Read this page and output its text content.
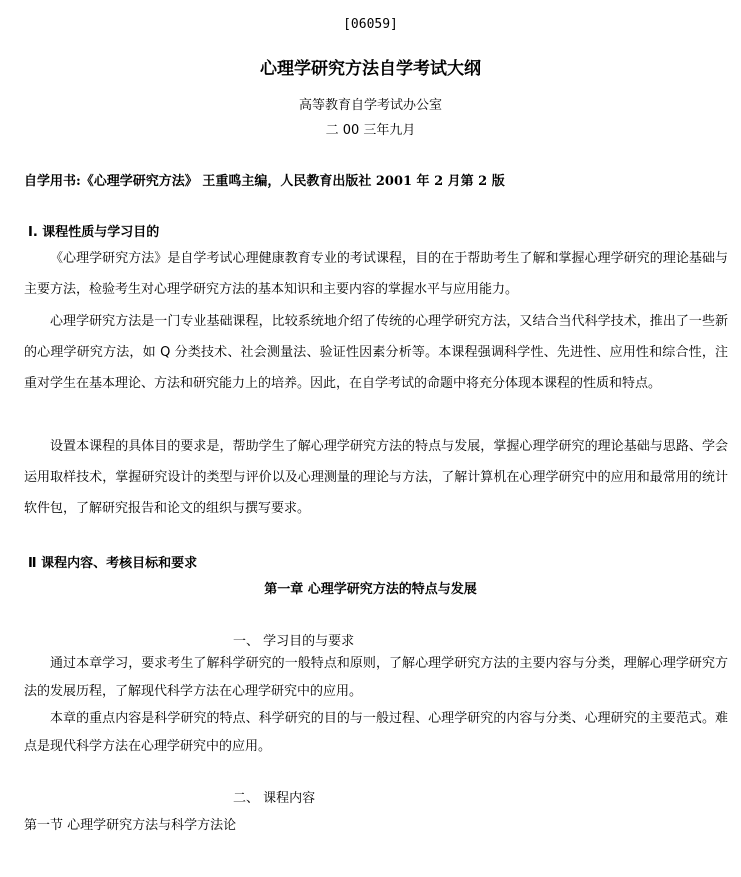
[06059]
心理学研究方法自学考试大纲
高等教育自学考试办公室
二 00 三年九月
自学用书:《心理学研究方法》 王重鸣主编，人民教育出版社 2001 年 2 月第 2 版
Ⅰ. 课程性质与学习目的
《心理学研究方法》是自学考试心理健康教育专业的考试课程，目的在于帮助考生了解和掌握心理学研究的理论基础与主要方法，检验考生对心理学研究方法的基本知识和主要内容的掌握水平与应用能力。
心理学研究方法是一门专业基础课程，比较系统地介绍了传统的心理学研究方法，又结合当代科学技术，推出了一些新的心理学研究方法，如 Q 分类技术、社会测量法、验证性因素分析等。本课程强调科学性、先进性、应用性和综合性，注重对学生在基本理论、方法和研究能力上的培养。因此，在自学考试的命题中将充分体现本课程的性质和特点。
设置本课程的具体目的要求是，帮助学生了解心理学研究方法的特点与发展，掌握心理学研究的理论基础与思路、学会运用取样技术，掌握研究设计的类型与评价以及心理测量的理论与方法，了解计算机在心理学研究中的应用和最常用的统计软件包，了解研究报告和论文的组织与撰写要求。
Ⅱ 课程内容、考核目标和要求
第一章 心理学研究方法的特点与发展
一、 学习目的与要求
通过本章学习，要求考生了解科学研究的一般特点和原则，了解心理学研究方法的主要内容与分类，理解心理学研究方法的发展历程，了解现代科学方法在心理学研究中的应用。
本章的重点内容是科学研究的特点、科学研究的目的与一般过程、心理学研究的内容与分类、心理研究的主要范式。难点是现代科学方法在心理学研究中的应用。
二、 课程内容
第一节 心理学研究方法与科学方法论
